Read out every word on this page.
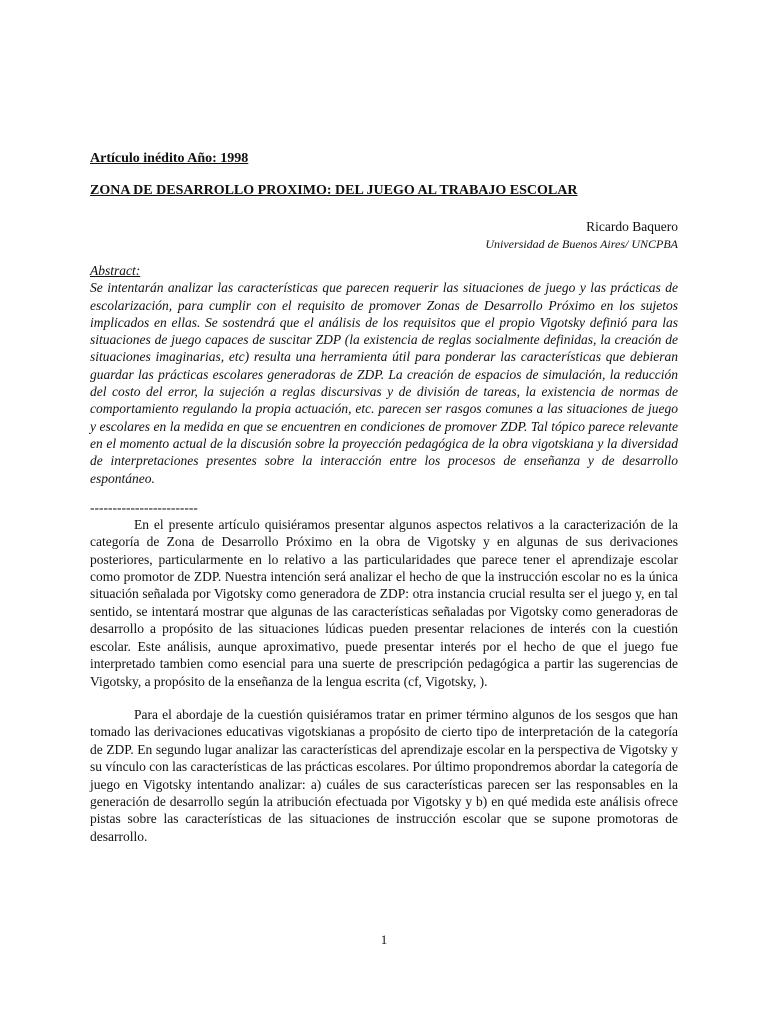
Artículo inédito Año: 1998

ZONA DE DESARROLLO PROXIMO: DEL JUEGO AL TRABAJO ESCOLAR

Ricardo Baquero

Universidad de Buenos Aires/ UNCPBA

Abstract:

Se intentarán analizar las características que parecen requerir las situaciones de juego y las prácticas de escolarización, para cumplir con el requisito de promover Zonas de Desarrollo Próximo en los sujetos implicados en ellas. Se sostendrá que el análisis de los requisitos que el propio Vigotsky definió para las situaciones de juego capaces de suscitar ZDP (la existencia de reglas socialmente definidas, la creación de situaciones imaginarias, etc) resulta una herramienta útil para ponderar las características que debieran guardar las prácticas escolares generadoras de ZDP. La creación de espacios de simulación, la reducción del costo del error, la sujeción a reglas discursivas y de división de tareas, la existencia de normas de comportamiento regulando la propia actuación, etc. parecen ser rasgos comunes a las situaciones de juego y escolares en la medida en que se encuentren en condiciones de promover ZDP. Tal tópico parece relevante en el momento actual de la discusión sobre la proyección pedagógica de la obra vigotskiana y la diversidad de interpretaciones presentes sobre la interacción entre los procesos de enseñanza y de desarrollo espontáneo.

------------------------

En el presente artículo quisiéramos presentar algunos aspectos relativos a la caracterización de la categoría de Zona de Desarrollo Próximo en la obra de Vigotsky y en algunas de sus derivaciones posteriores, particularmente en lo relativo a las particularidades que parece tener el aprendizaje escolar como promotor de ZDP. Nuestra intención será analizar el hecho de que la instrucción escolar no es la única situación señalada por Vigotsky como generadora de ZDP: otra instancia crucial resulta ser el juego y, en tal sentido, se intentará mostrar que algunas de las características señaladas por Vigotsky como generadoras de desarrollo a propósito de las situaciones lúdicas pueden presentar relaciones de interés con la cuestión escolar. Este análisis, aunque aproximativo, puede presentar interés por el hecho de que el juego fue interpretado tambien como esencial para una suerte de prescripción pedagógica a partir las sugerencias de Vigotsky, a propósito de la enseñanza de la lengua escrita (cf, Vigotsky, ).

Para el abordaje de la cuestión quisiéramos tratar en primer término algunos de los sesgos que han tomado las derivaciones educativas vigotskianas a propósito de cierto tipo de interpretación de la categoría de ZDP. En segundo lugar analizar las características del aprendizaje escolar en la perspectiva de Vigotsky y su vínculo con las características de las prácticas escolares. Por último propondremos abordar la categoría de juego en Vigotsky intentando analizar: a) cuáles de sus características parecen ser las responsables en la generación de desarrollo según la atribución efectuada por Vigotsky y b) en qué medida este análisis ofrece pistas sobre las características de las situaciones de instrucción escolar que se supone promotoras de desarrollo.

1
